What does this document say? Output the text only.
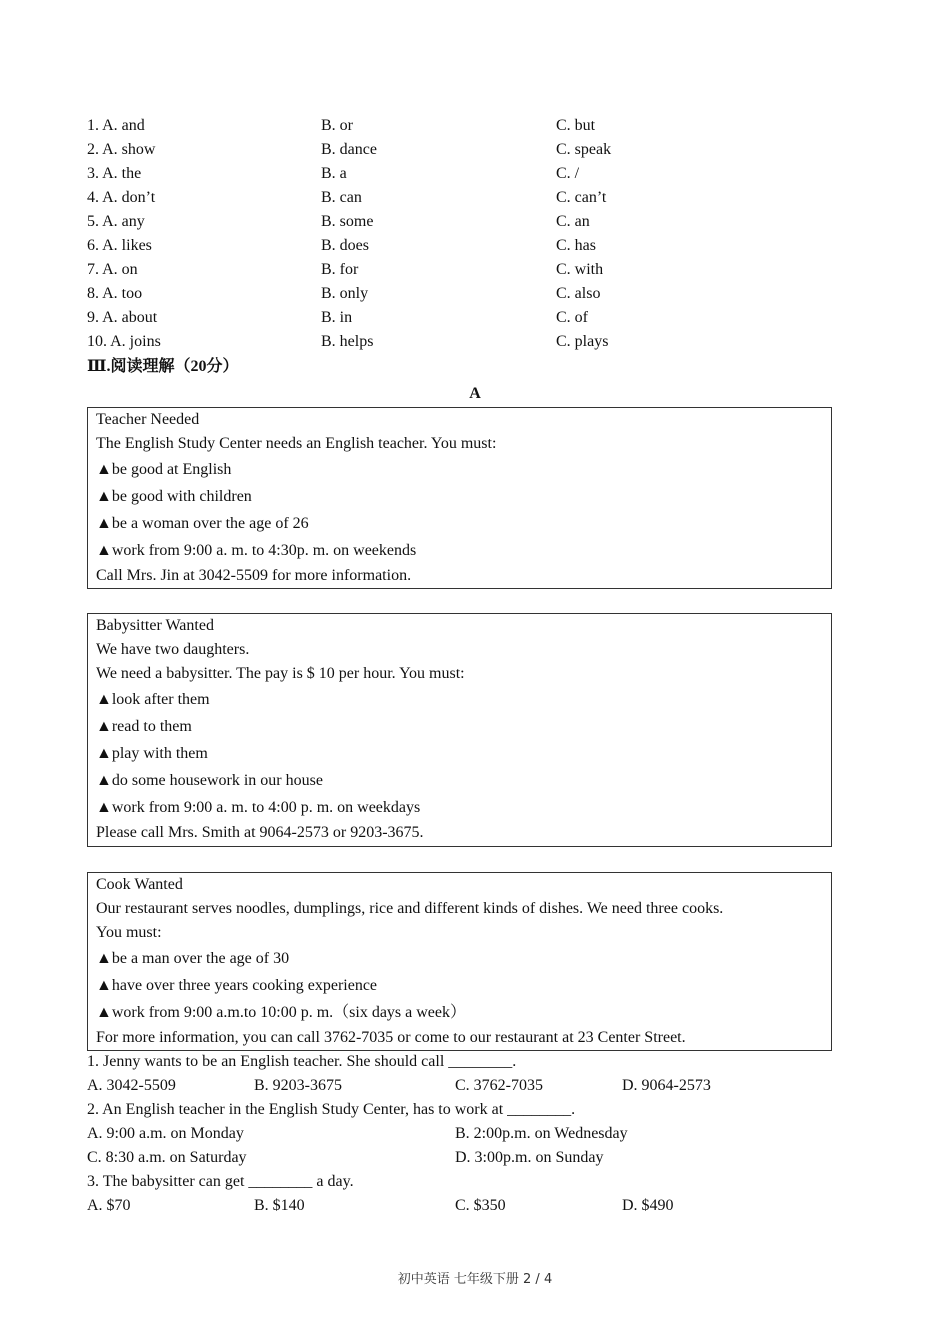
1. A. and	B. or	C. but
2. A. show	B. dance	C. speak
3. A. the	B. a	C. /
4. A. don’t	B. can	C. can’t
5. A. any	B. some	C. an
6. A. likes	B. does	C. has
7. A. on	B. for	C. with
8. A. too	B. only	C. also
9. A. about	B. in	C. of
10. A. joins	B. helps	C. plays
Ⅲ.阅读理解（20分）
A
Teacher Needed
The English Study Center needs an English teacher. You must:
▲be good at English
▲be good with children
▲be a woman over the age of 26
▲work from 9:00 a. m. to 4:30p. m. on weekends
Call Mrs. Jin at 3042-5509 for more information.
Babysitter Wanted
We have two daughters.
We need a babysitter. The pay is $ 10 per hour. You must:
▲look after them
▲read to them
▲play with them
▲do some housework in our house
▲work from 9:00 a. m. to 4:00 p. m. on weekdays
Please call Mrs. Smith at 9064-2573 or 9203-3675.
Cook Wanted
Our restaurant serves noodles, dumplings, rice and different kinds of dishes. We need three cooks.
You must:
▲be a man over the age of 30
▲have over three years cooking experience
▲work from 9:00 a.m.to 10:00 p. m.（six days a week）
For more information, you can call 3762-7035 or come to our restaurant at 23 Center Street.
1. Jenny wants to be an English teacher. She should call ________.
A. 3042-5509	B. 9203-3675	C. 3762-7035	D. 9064-2573
2. An English teacher in the English Study Center, has to work at ________.
A. 9:00 a.m. on Monday	B. 2:00p.m. on Wednesday
C. 8:30 a.m. on Saturday	D. 3:00p.m. on Sunday
3. The babysitter can get ________ a day.
A. $70	B. $140	C. $350	D. $490
初中英语 七年级下册 2 / 4
